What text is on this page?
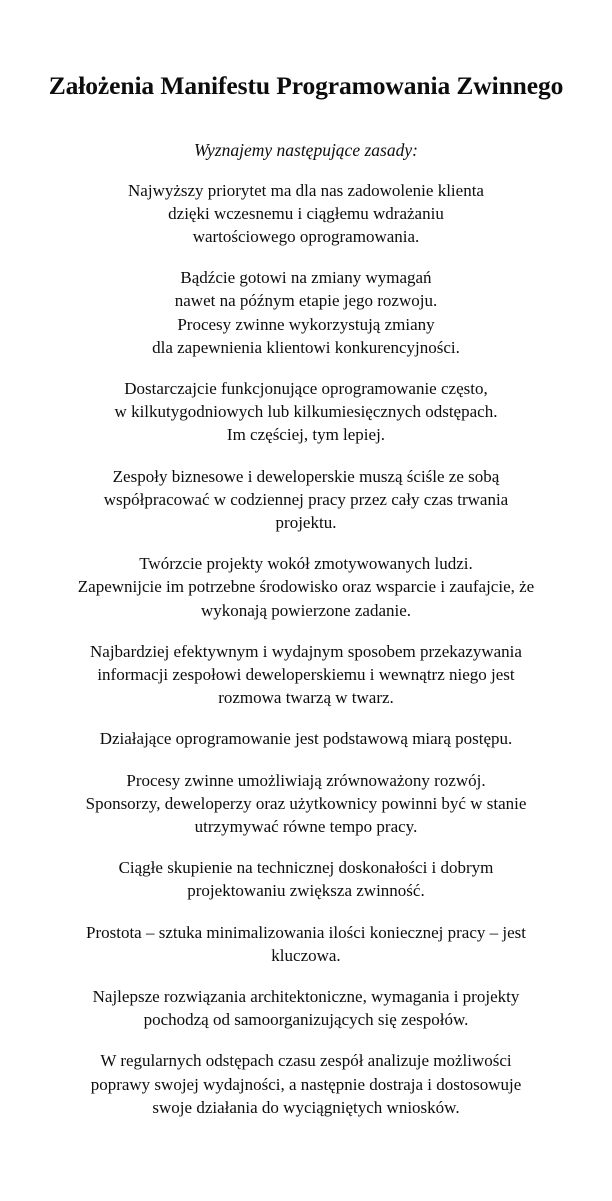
Założenia Manifestu Programowania Zwinnego

Wyznajemy następujące zasady:

Najwyższy priorytet ma dla nas zadowolenie klienta
dzięki wczesnemu i ciągłemu wdrażaniu
wartościowego oprogramowania.

Bądźcie gotowi na zmiany wymagań
nawet na późnym etapie jego rozwoju.
Procesy zwinne wykorzystują zmiany
dla zapewnienia klientowi konkurencyjności.

Dostarczajcie funkcjonujące oprogramowanie często,
w kilkutygodniowych lub kilkumiesięcznych odstępach.
Im częściej, tym lepiej.

Zespoły biznesowe i deweloperskie muszą ściśle ze sobą
współpracować w codziennej pracy przez cały czas trwania
projektu.

Twórzcie projekty wokół zmotywowanych ludzi.
Zapewnijcie im potrzebne środowisko oraz wsparcie i zaufajcie, że
wykonają powierzone zadanie.

Najbardziej efektywnym i wydajnym sposobem przekazywania
informacji zespołowi deweloperskiemu i wewnątrz niego jest
rozmowa twarzą w twarz.

Działające oprogramowanie jest podstawową miarą postępu.

Procesy zwinne umożliwiają zrównoważony rozwój.
Sponsorzy, deweloperzy oraz użytkownicy powinni być w stanie
utrzymywać równe tempo pracy.

Ciągłe skupienie na technicznej doskonałości i dobrym
projektowaniu zwiększa zwinność.

Prostota – sztuka minimalizowania ilości koniecznej pracy – jest
kluczowa.

Najlepsze rozwiązania architektoniczne, wymagania i projekty
pochodzą od samoorganizujących się zespołów.

W regularnych odstępach czasu zespół analizuje możliwości
poprawy swojej wydajności, a następnie dostraja i dostosowuje
swoje działania do wyciągniętych wniosków.
